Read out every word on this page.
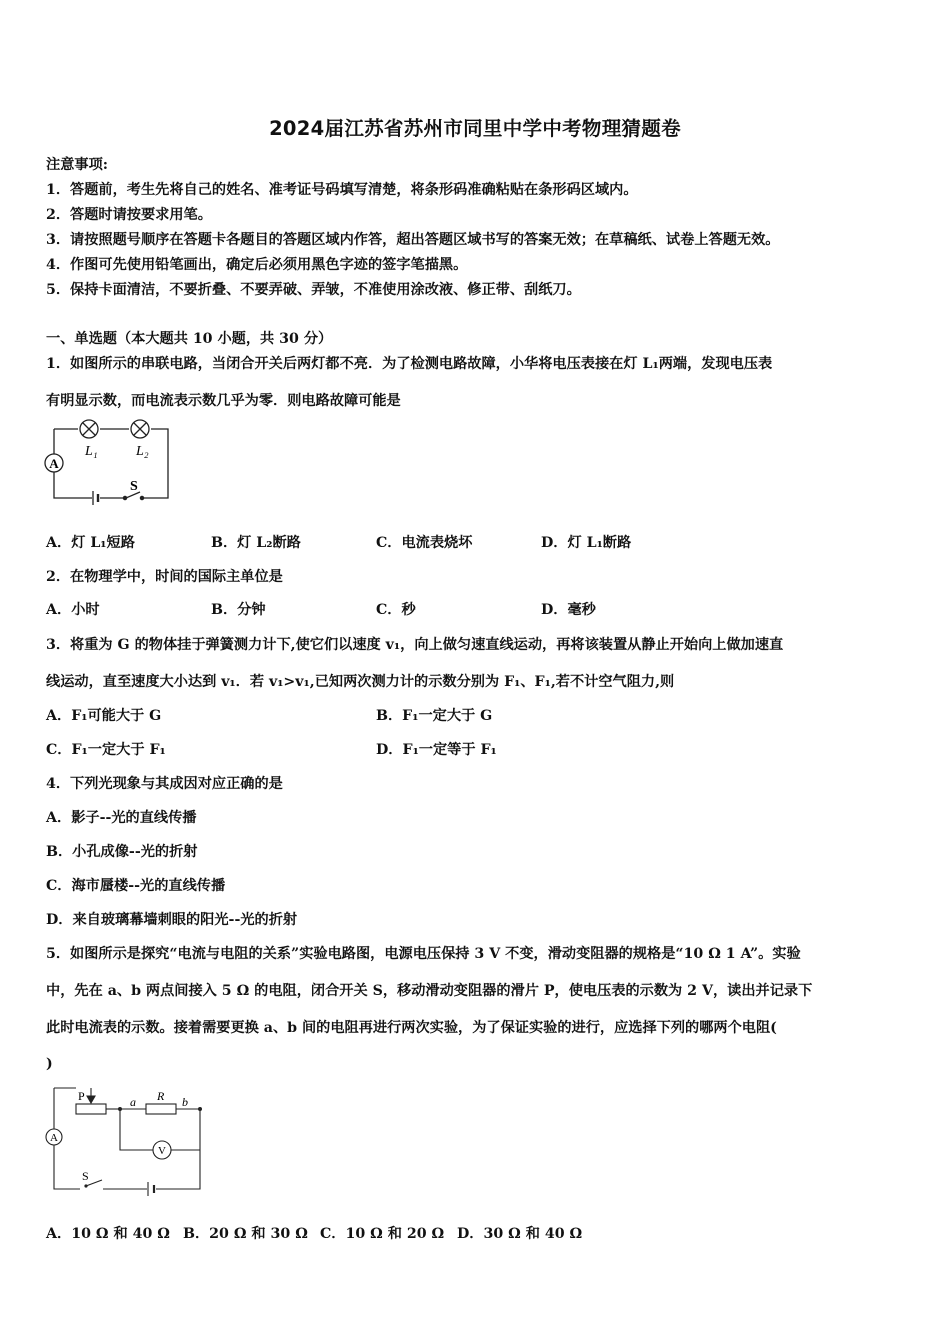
2024届江苏省苏州市同里中学中考物理猜题卷
注意事项:
1．答题前，考生先将自己的姓名、准考证号码填写清楚，将条形码准确粘贴在条形码区域内。
2．答题时请按要求用笔。
3．请按照题号顺序在答题卡各题目的答题区域内作答，超出答题区域书写的答案无效；在草稿纸、试卷上答题无效。
4．作图可先使用铅笔画出，确定后必须用黑色字迹的签字笔描黑。
5．保持卡面清洁，不要折叠、不要弄破、弄皱，不准使用涂改液、修正带、刮纸刀。
一、单选题（本大题共 10 小题，共 30 分）
1．如图所示的串联电路，当闭合开关后两灯都不亮．为了检测电路故障，小华将电压表接在灯 L₁两端，发现电压表
有明显示数，而电流表示数几乎为零．则电路故障可能是
A
L₁	L₂
S
A．灯 L₁短路	B．灯 L₂断路	C．电流表烧坏	D．灯 L₁断路
2．在物理学中，时间的国际主单位是
A．小时	B．分钟	C．秒	D．毫秒
3．将重为 G 的物体挂于弹簧测力计下,使它们以速度 v₁，向上做匀速直线运动，再将该装置从静止开始向上做加速直
线运动，直至速度大小达到 v₁．若 v₁>v₁,已知两次测力计的示数分别为 F₁、F₁,若不计空气阻力,则
A．F₁可能大于 G	B．F₁一定大于 G
C．F₁一定大于 F₁	D．F₁一定等于 F₁
4．下列光现象与其成因对应正确的是
A．影子--光的直线传播
B．小孔成像--光的折射
C．海市蜃楼--光的直线传播
D．来自玻璃幕墙刺眼的阳光--光的折射
5．如图所示是探究“电流与电阻的关系”实验电路图，电源电压保持 3 V 不变，滑动变阻器的规格是“10 Ω 1 A”。实验
中，先在 a、b 两点间接入 5 Ω 的电阻，闭合开关 S，移动滑动变阻器的滑片 P，使电压表的示数为 2 V，读出并记录下
此时电流表的示数。接着需要更换 a、b 间的电阻再进行两次实验，为了保证实验的进行，应选择下列的哪两个电阻(
)
A
V
P	a R b
S
A．10 Ω 和 40 Ω B．20 Ω 和 30 Ω C．10 Ω 和 20 Ω D．30 Ω 和 40 Ω
